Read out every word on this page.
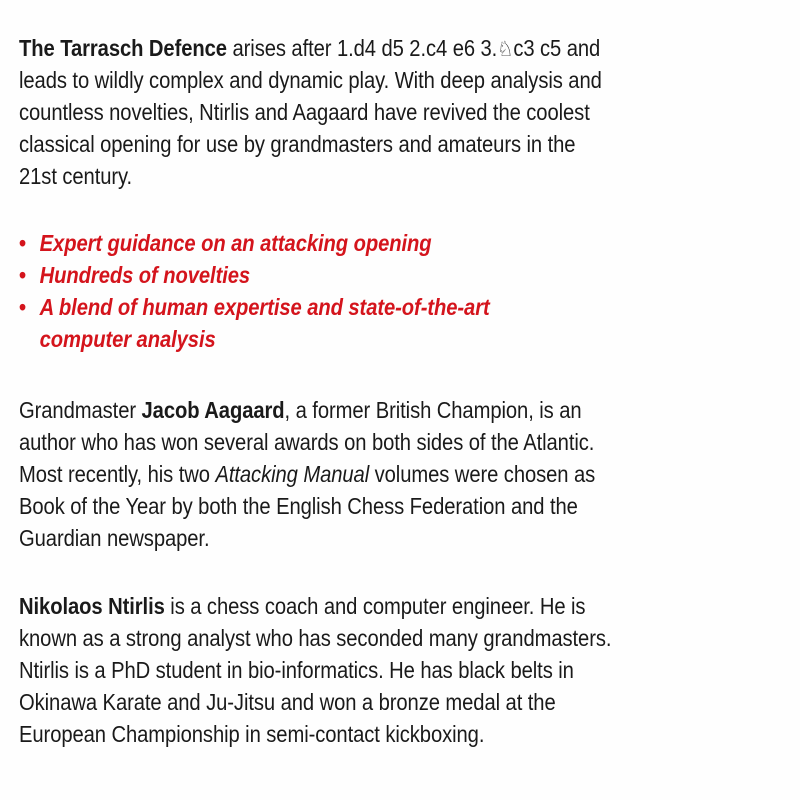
The Tarrasch Defence arises after 1.d4 d5 2.c4 e6 3.♘c3 c5 and
leads to wildly complex and dynamic play. With deep analysis and
countless novelties, Ntirlis and Aagaard have revived the coolest
classical opening for use by grandmasters and amateurs in the
21st century.
• Expert guidance on an attacking opening
• Hundreds of novelties
• A blend of human expertise and state-of-the-art
computer analysis
Grandmaster Jacob Aagaard, a former British Champion, is an
author who has won several awards on both sides of the Atlantic.
Most recently, his two Attacking Manual volumes were chosen as
Book of the Year by both the English Chess Federation and the
Guardian newspaper.
Nikolaos Ntirlis is a chess coach and computer engineer. He is
known as a strong analyst who has seconded many grandmasters.
Ntirlis is a PhD student in bio-informatics. He has black belts in
Okinawa Karate and Ju-Jitsu and won a bronze medal at the
European Championship in semi-contact kickboxing.
